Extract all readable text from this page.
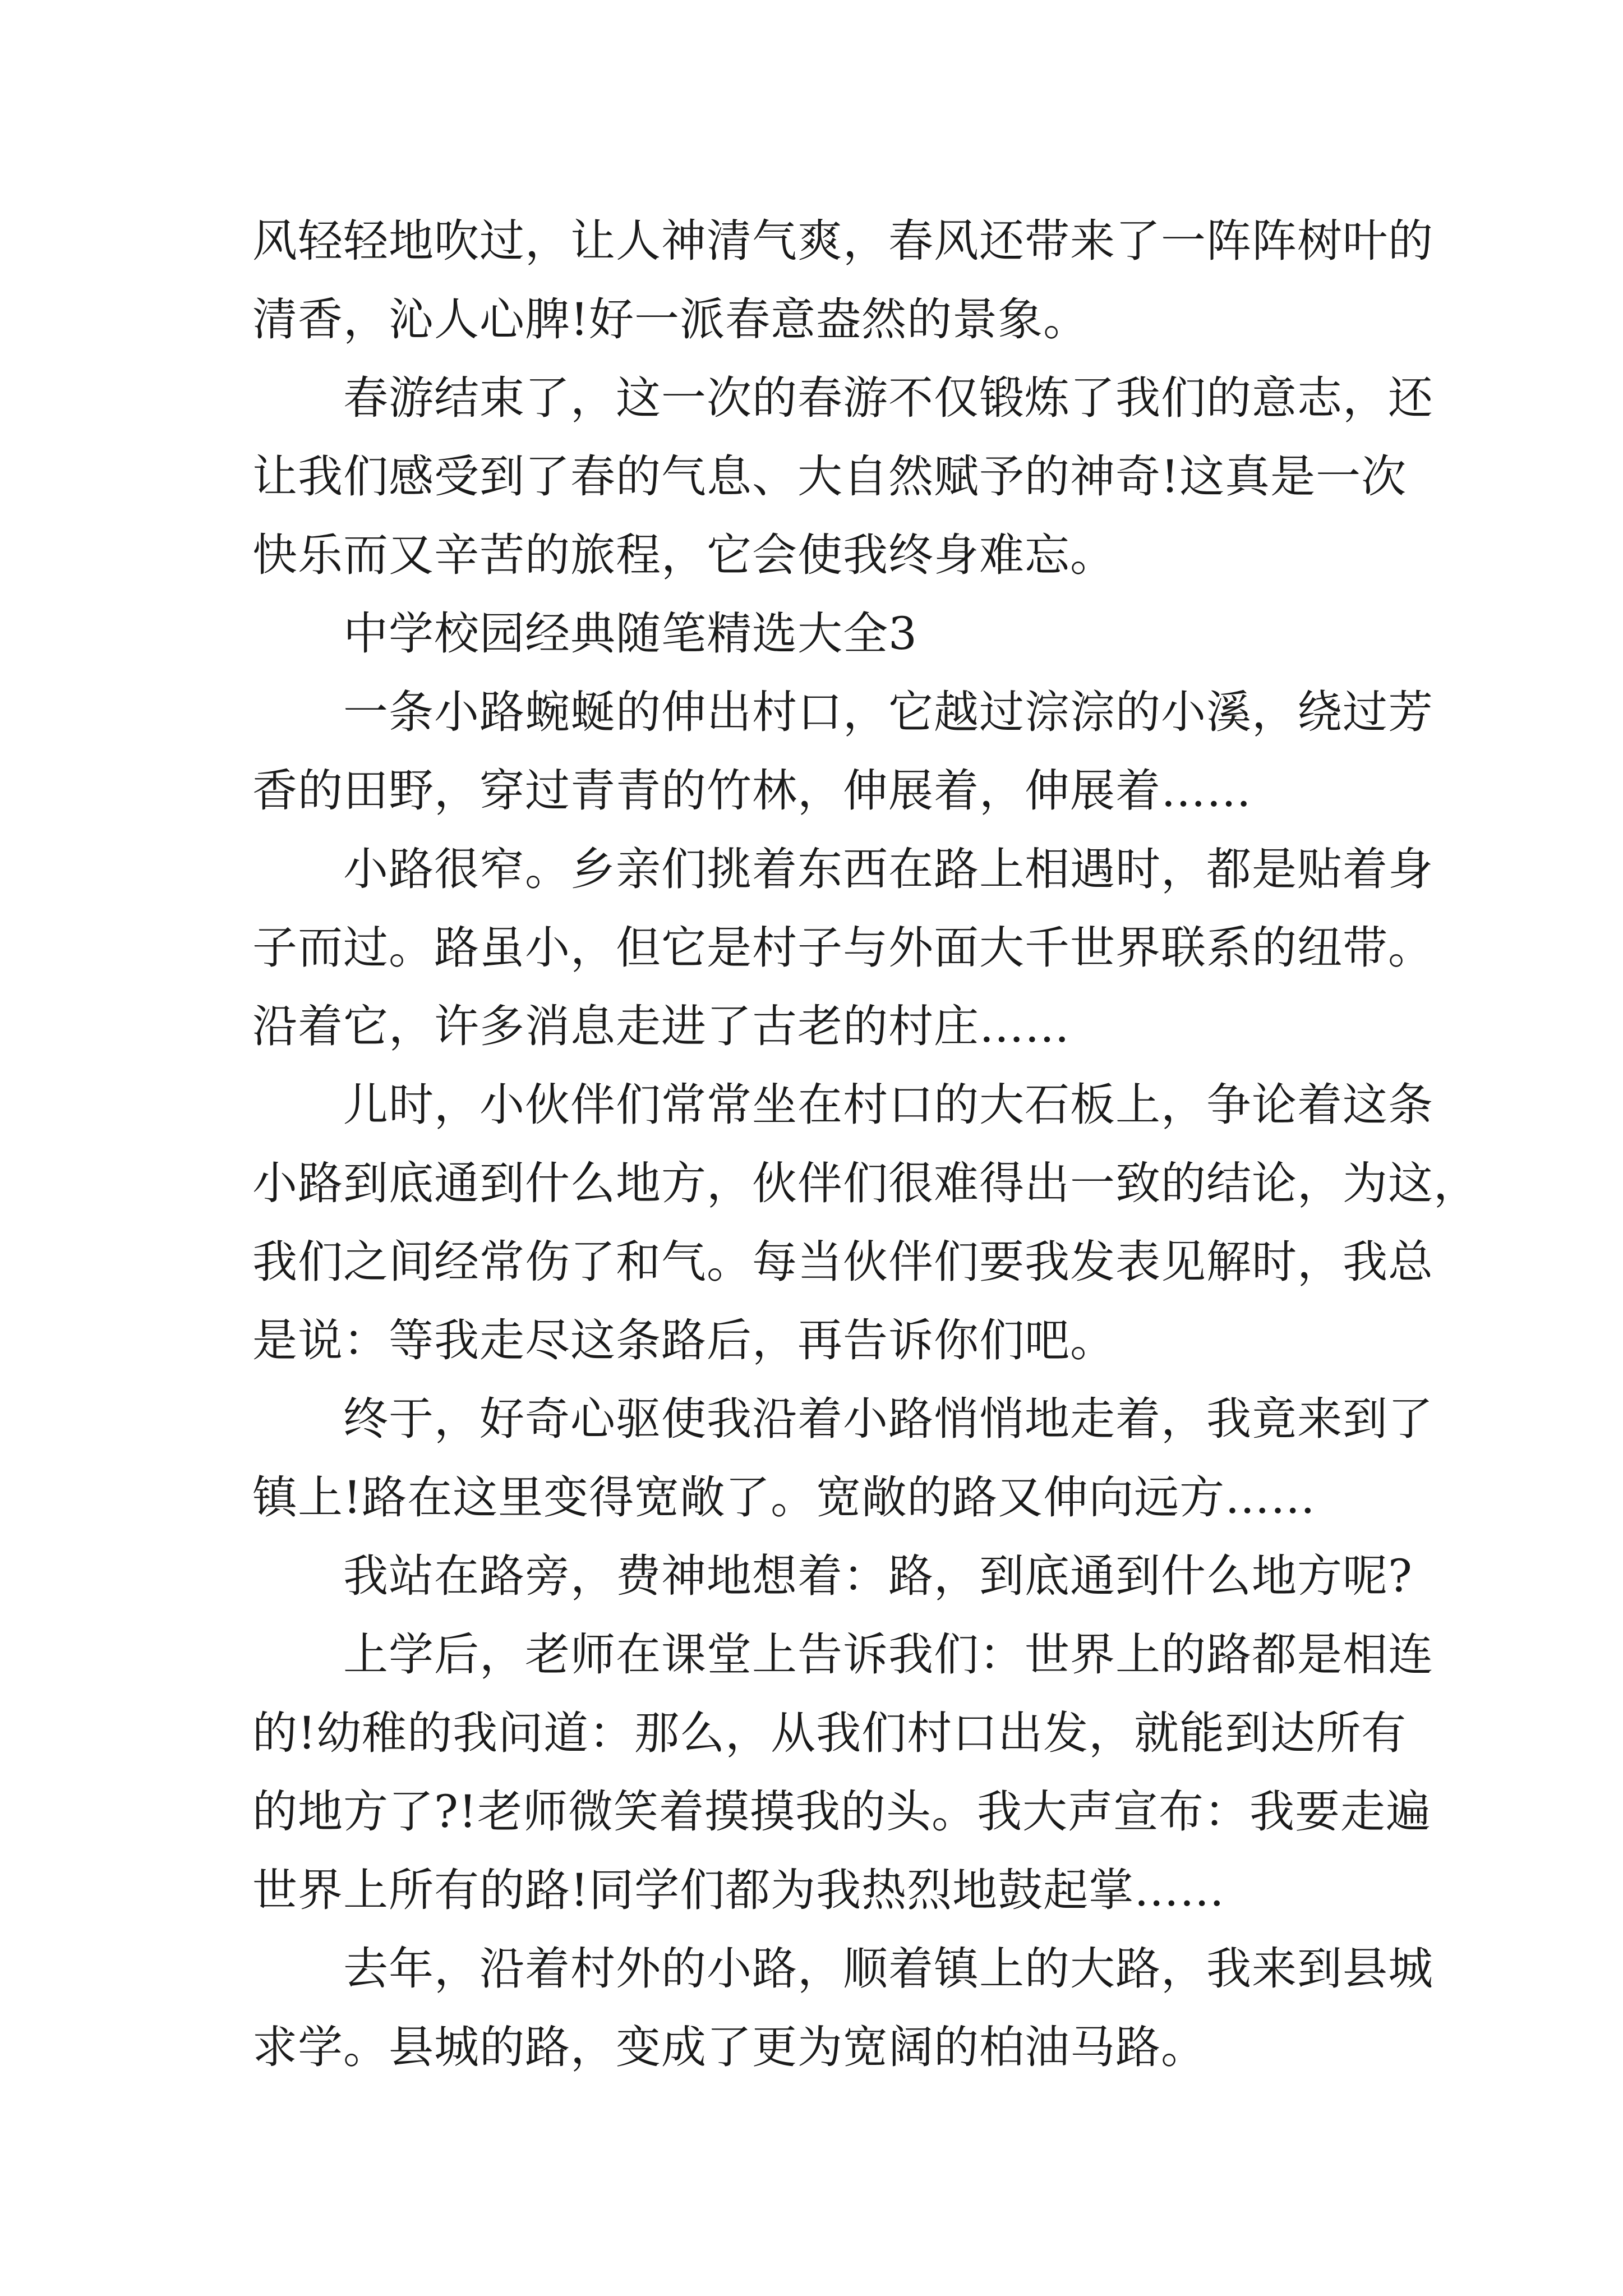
风轻轻地吹过，让人神清气爽，春风还带来了一阵阵树叶的
清香，沁人心脾!好一派春意盎然的景象。
春游结束了，这一次的春游不仅锻炼了我们的意志，还
让我们感受到了春的气息、大自然赋予的神奇!这真是一次
快乐而又辛苦的旅程，它会使我终身难忘。
中学校园经典随笔精选大全3
一条小路蜿蜒的伸出村口，它越过淙淙的小溪，绕过芳
香的田野，穿过青青的竹林，伸展着，伸展着……
小路很窄。乡亲们挑着东西在路上相遇时，都是贴着身
子而过。路虽小，但它是村子与外面大千世界联系的纽带。
沿着它，许多消息走进了古老的村庄……
儿时，小伙伴们常常坐在村口的大石板上，争论着这条
小路到底通到什么地方，伙伴们很难得出一致的结论，为这，
我们之间经常伤了和气。每当伙伴们要我发表见解时，我总
是说：等我走尽这条路后，再告诉你们吧。
终于，好奇心驱使我沿着小路悄悄地走着，我竟来到了
镇上!路在这里变得宽敞了。宽敞的路又伸向远方……
我站在路旁，费神地想着：路，到底通到什么地方呢?
上学后，老师在课堂上告诉我们：世界上的路都是相连
的!幼稚的我问道：那么，从我们村口出发，就能到达所有
的地方了?!老师微笑着摸摸我的头。我大声宣布：我要走遍
世界上所有的路!同学们都为我热烈地鼓起掌……
去年，沿着村外的小路，顺着镇上的大路，我来到县城
求学。县城的路，变成了更为宽阔的柏油马路。
